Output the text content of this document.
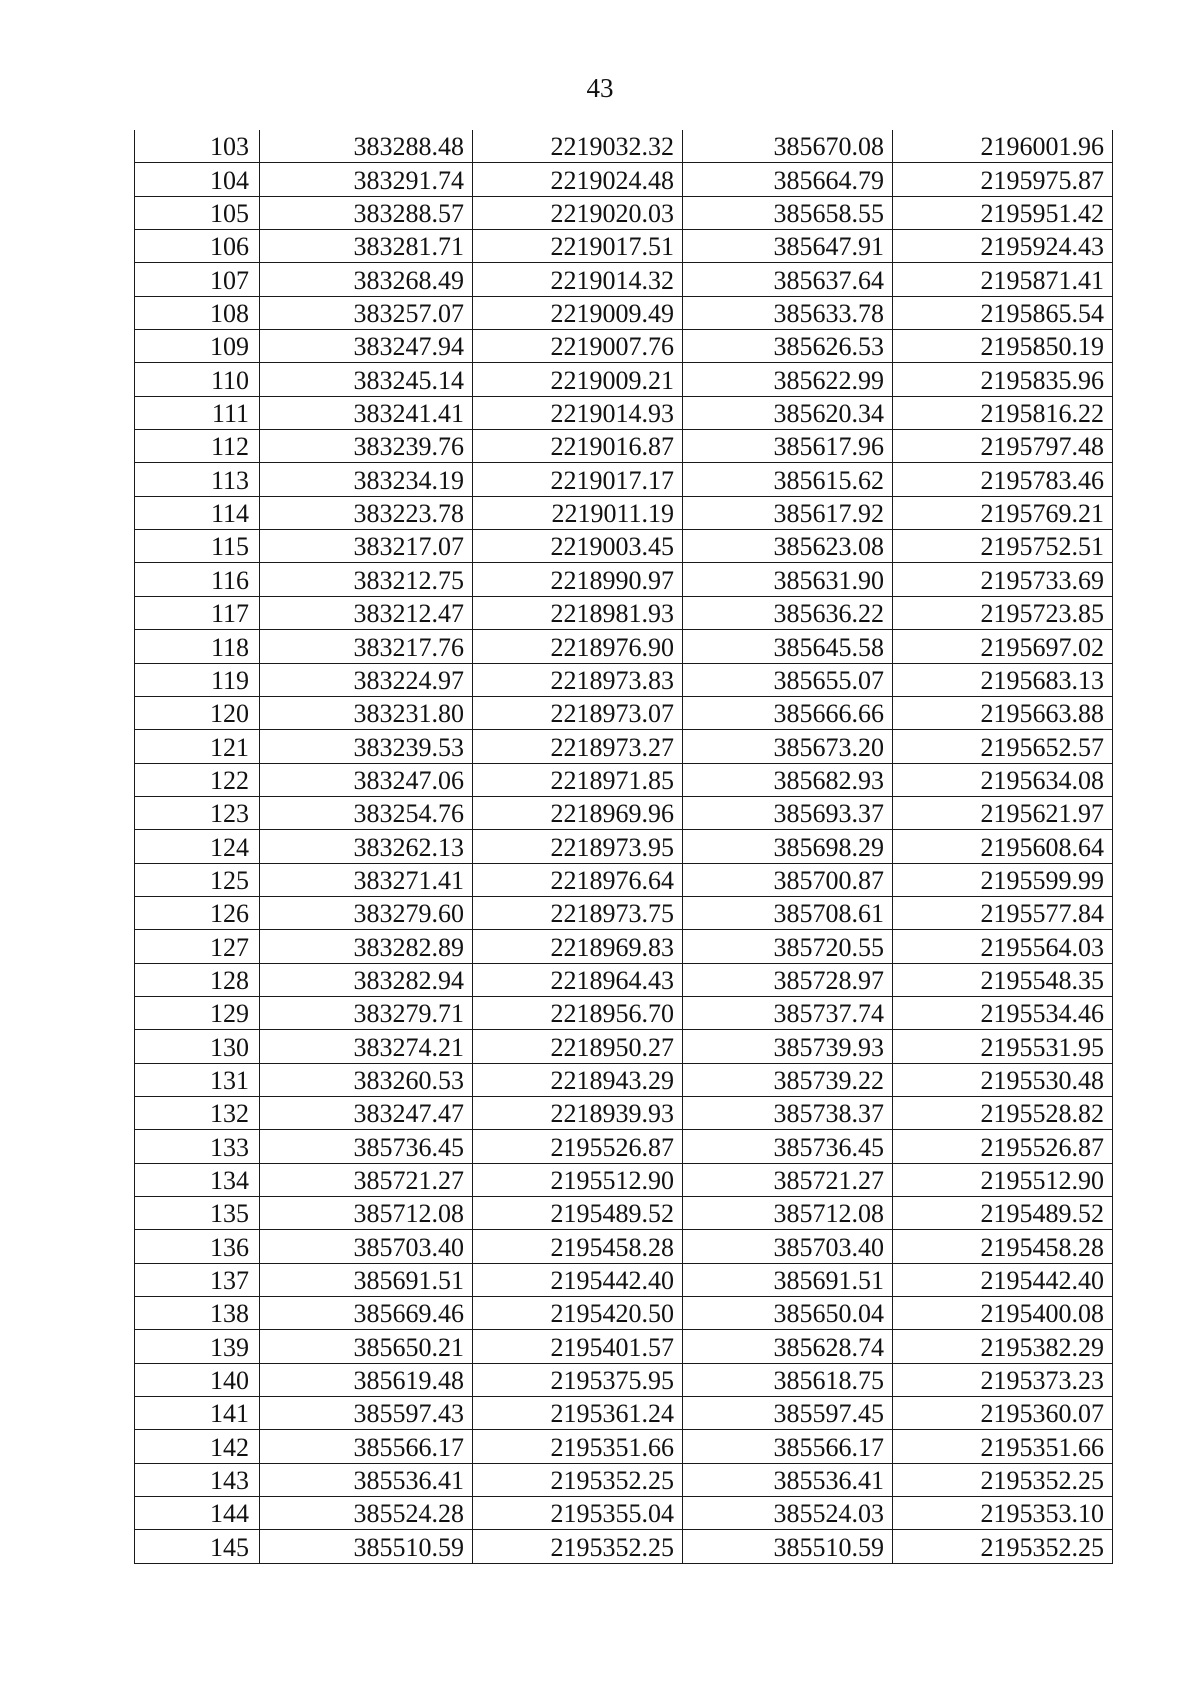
43
103	383288.48	2219032.32	385670.08	2196001.96
104	383291.74	2219024.48	385664.79	2195975.87
105	383288.57	2219020.03	385658.55	2195951.42
106	383281.71	2219017.51	385647.91	2195924.43
107	383268.49	2219014.32	385637.64	2195871.41
108	383257.07	2219009.49	385633.78	2195865.54
109	383247.94	2219007.76	385626.53	2195850.19
110	383245.14	2219009.21	385622.99	2195835.96
111	383241.41	2219014.93	385620.34	2195816.22
112	383239.76	2219016.87	385617.96	2195797.48
113	383234.19	2219017.17	385615.62	2195783.46
114	383223.78	2219011.19	385617.92	2195769.21
115	383217.07	2219003.45	385623.08	2195752.51
116	383212.75	2218990.97	385631.90	2195733.69
117	383212.47	2218981.93	385636.22	2195723.85
118	383217.76	2218976.90	385645.58	2195697.02
119	383224.97	2218973.83	385655.07	2195683.13
120	383231.80	2218973.07	385666.66	2195663.88
121	383239.53	2218973.27	385673.20	2195652.57
122	383247.06	2218971.85	385682.93	2195634.08
123	383254.76	2218969.96	385693.37	2195621.97
124	383262.13	2218973.95	385698.29	2195608.64
125	383271.41	2218976.64	385700.87	2195599.99
126	383279.60	2218973.75	385708.61	2195577.84
127	383282.89	2218969.83	385720.55	2195564.03
128	383282.94	2218964.43	385728.97	2195548.35
129	383279.71	2218956.70	385737.74	2195534.46
130	383274.21	2218950.27	385739.93	2195531.95
131	383260.53	2218943.29	385739.22	2195530.48
132	383247.47	2218939.93	385738.37	2195528.82
133	385736.45	2195526.87	385736.45	2195526.87
134	385721.27	2195512.90	385721.27	2195512.90
135	385712.08	2195489.52	385712.08	2195489.52
136	385703.40	2195458.28	385703.40	2195458.28
137	385691.51	2195442.40	385691.51	2195442.40
138	385669.46	2195420.50	385650.04	2195400.08
139	385650.21	2195401.57	385628.74	2195382.29
140	385619.48	2195375.95	385618.75	2195373.23
141	385597.43	2195361.24	385597.45	2195360.07
142	385566.17	2195351.66	385566.17	2195351.66
143	385536.41	2195352.25	385536.41	2195352.25
144	385524.28	2195355.04	385524.03	2195353.10
145	385510.59	2195352.25	385510.59	2195352.25
